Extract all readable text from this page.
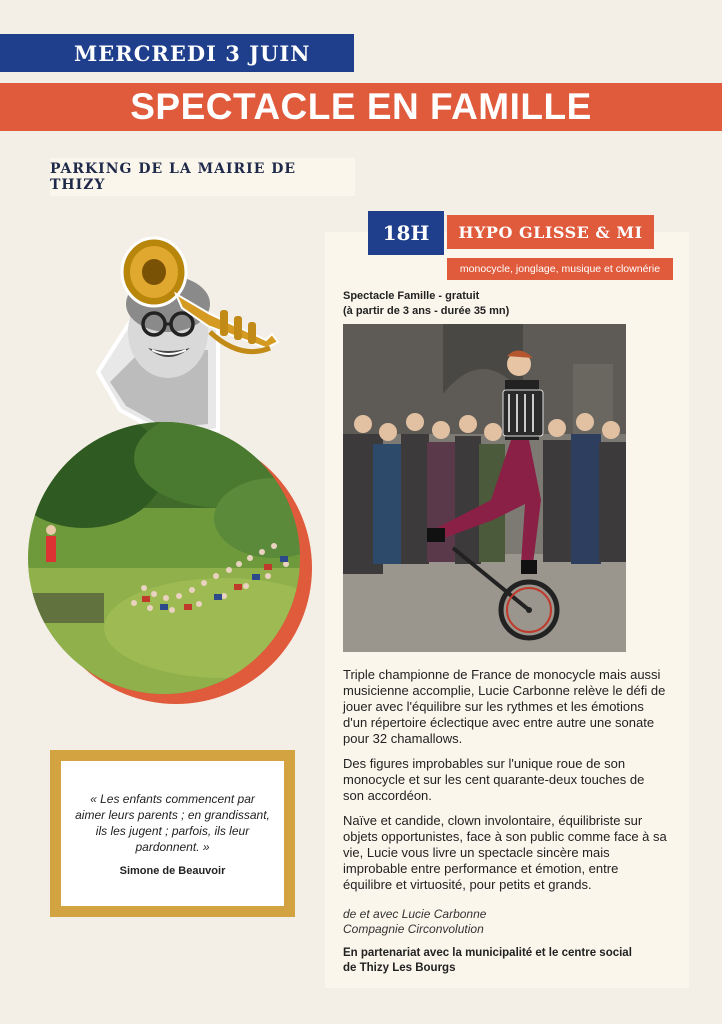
MERCREDI 3 JUIN
SPECTACLE EN FAMILLE
PARKING DE LA MAIRIE DE THIZY
« Les enfants commencent par aimer leurs parents ; en grandissant, ils les jugent ; parfois, ils leur pardonnent. »
Simone de Beauvoir
18H HYPO GLISSE & MI
monocycle, jonglage, musique et clownérie
Spectacle Famille - gratuit
(à partir de 3 ans - durée 35 mn)

Triple championne de France de monocycle mais aussi musicienne accomplie, Lucie Carbonne relève le défi de jouer avec l'équilibre sur les rythmes et les émotions d'un répertoire éclectique avec entre autre une sonate pour 32 chamallows.

Des figures improbables sur l'unique roue de son monocycle et sur les cent quarante-deux touches de son accordéon.

Naïve et candide, clown involontaire, équilibriste sur objets opportunistes, face à son public comme face à sa vie, Lucie vous livre un spectacle sincère mais improbable entre performance et émotion, entre équilibre et virtuosité, pour petits et grands.

de et avec Lucie Carbonne
Compagnie Circonvolution
En partenariat avec la municipalité et le centre social
de Thizy Les Bourgs
